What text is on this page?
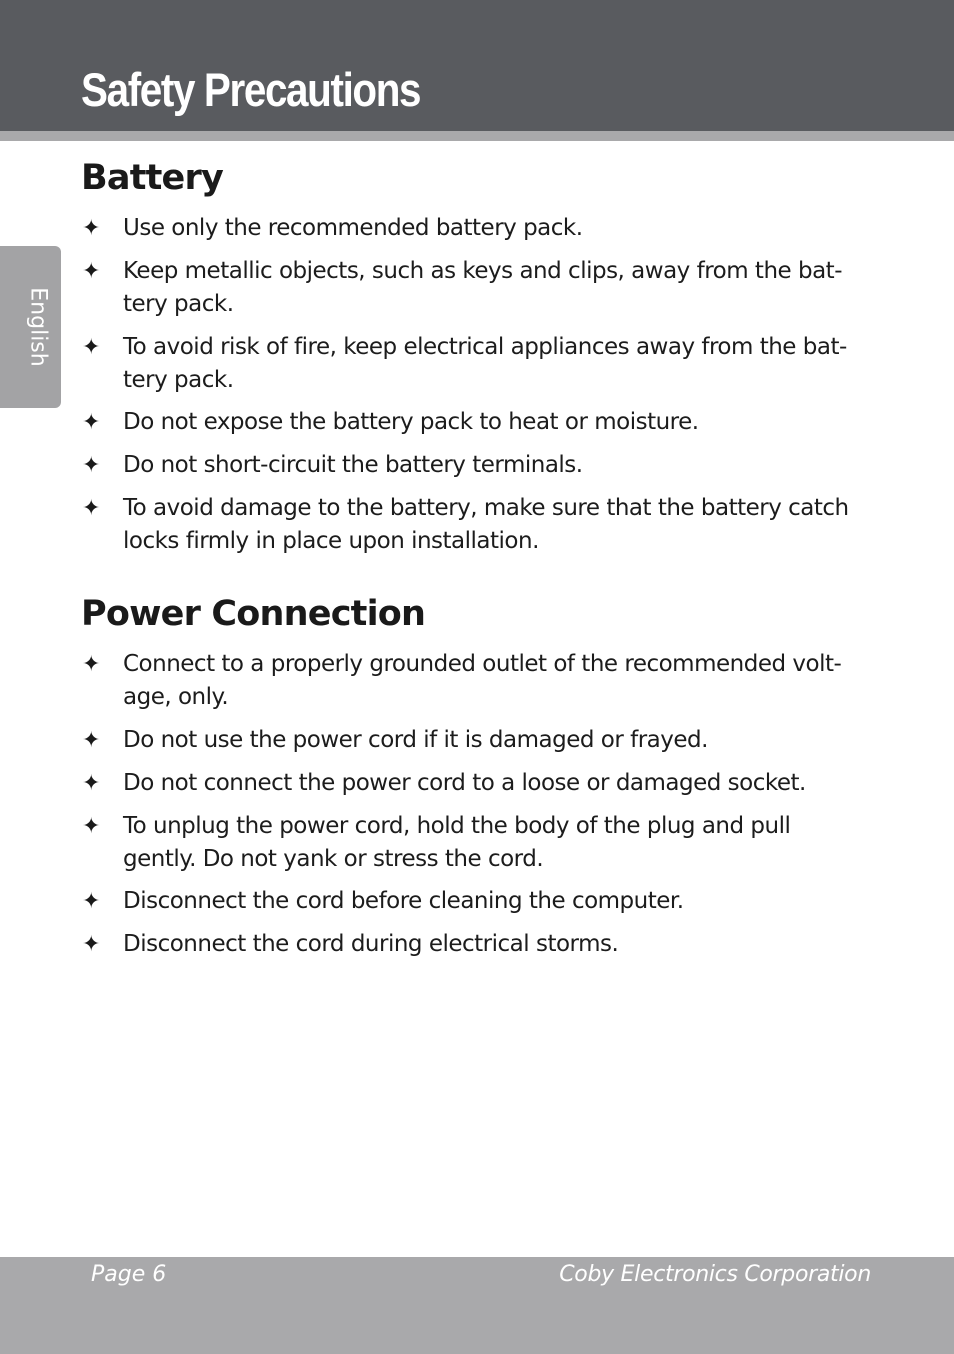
Safety Precautions
English
Battery
✦ Use only the recommended battery pack.

✦ Keep metallic objects, such as keys and clips, away from the bat-
tery pack.

✦ To avoid risk of fire, keep electrical appliances away from the bat-
tery pack.

✦ Do not expose the battery pack to heat or moisture.

✦ Do not short-circuit the battery terminals.

✦ To avoid damage to the battery, make sure that the battery catch
locks firmly in place upon installation.

Power Connection
✦ Connect to a properly grounded outlet of the recommended volt-
age, only.

✦ Do not use the power cord if it is damaged or frayed.

✦ Do not connect the power cord to a loose or damaged socket.

✦ To unplug the power cord, hold the body of the plug and pull
gently. Do not yank or stress the cord.

✦ Disconnect the cord before cleaning the computer.

✦ Disconnect the cord during electrical storms.

Page 6	Coby Electronics Corporation
